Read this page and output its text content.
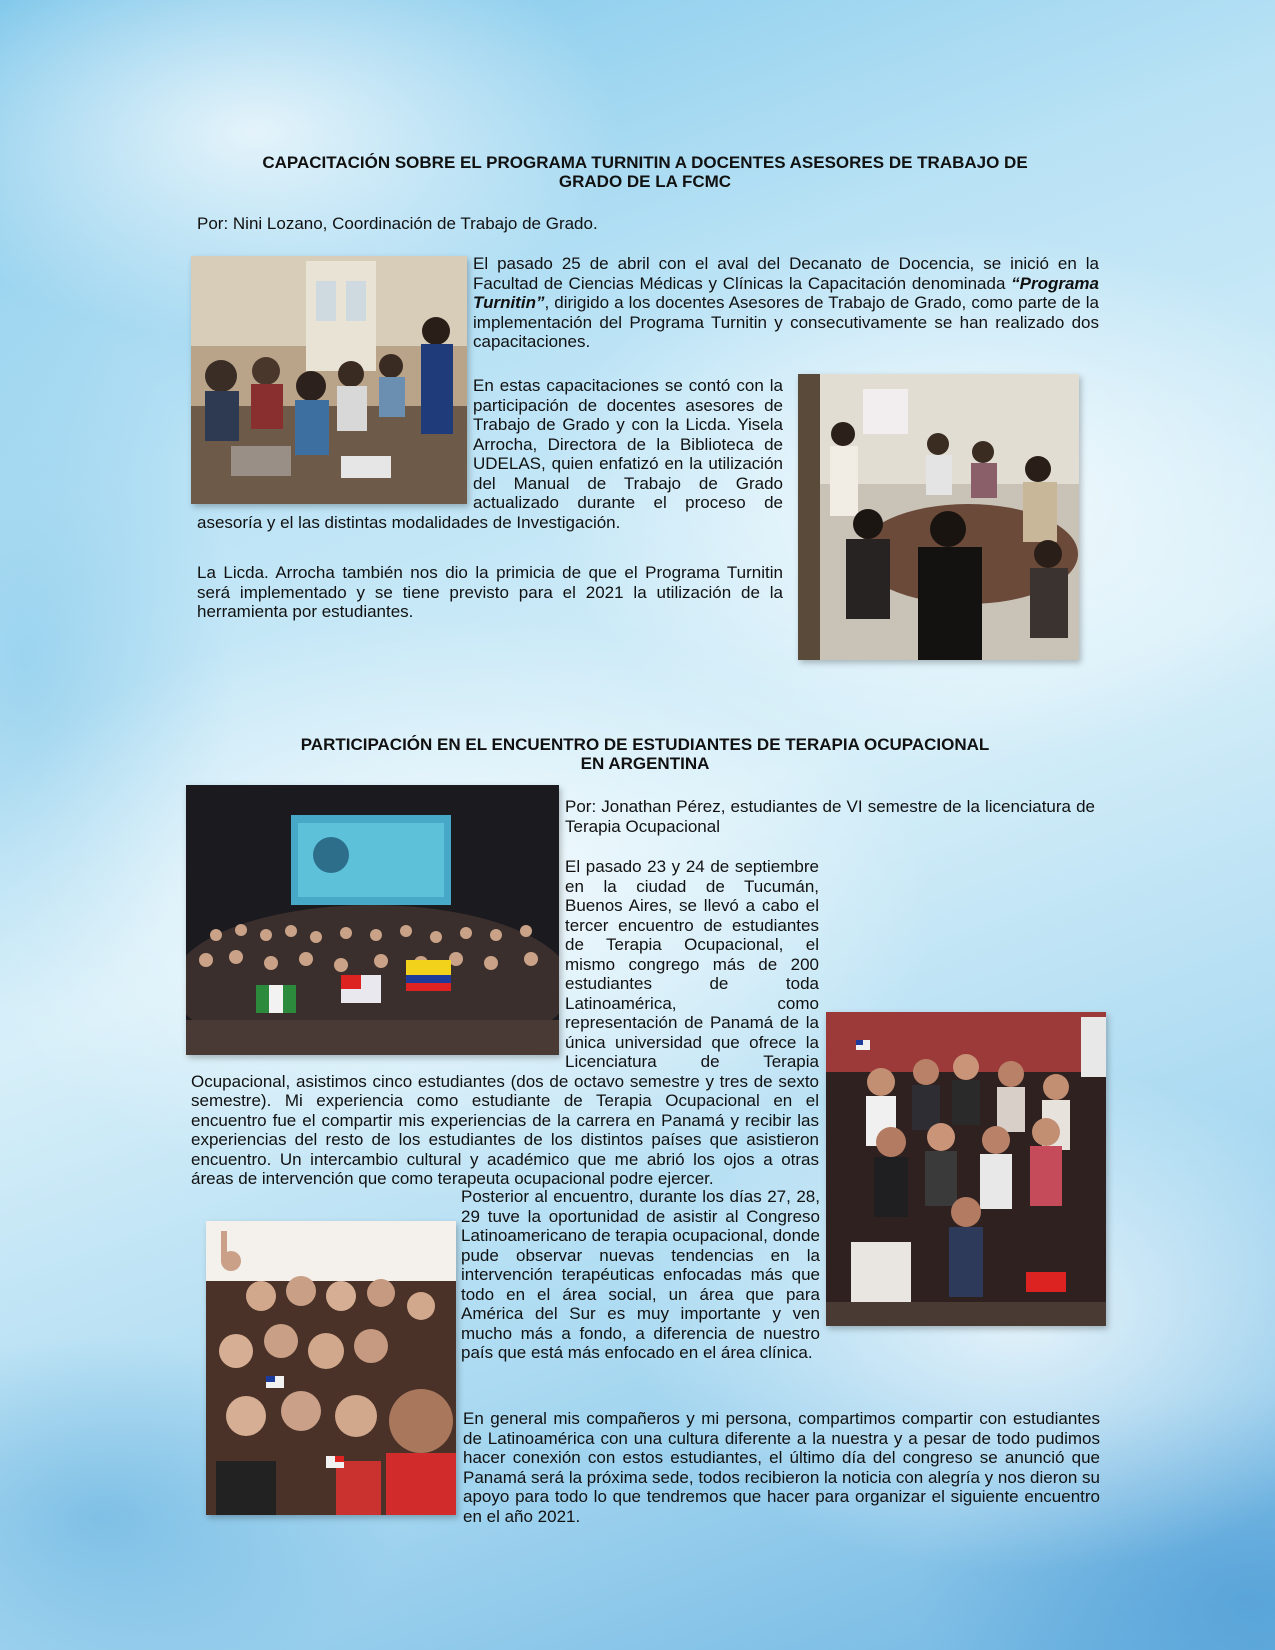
CAPACITACIÓN SOBRE EL PROGRAMA TURNITIN A DOCENTES ASESORES DE TRABAJO DE

GRADO DE LA FCMC

Por: Nini Lozano, Coordinación de Trabajo de Grado.

El pasado 25 de abril con el aval del Decanato de Docencia, se inició en la Facultad de Ciencias Médicas y Clínicas la Capacitación denominada “Programa Turnitin”, dirigido a los docentes Asesores de Trabajo de Grado, como parte de la implementación del Programa Turnitin y consecutivamente se han realizado dos capacitaciones.
En estas capacitaciones se contó con la participación de docentes asesores de Trabajo de Grado y con la Licda. Yisela Arrocha, Directora de la Biblioteca de UDELAS, quien enfatizó en la utilización del Manual de Trabajo de Grado actualizado durante el proceso de asesoría y el las distintas modalidades de Investigación.
La Licda. Arrocha también nos dio la primicia de que el Programa Turnitin será implementado y se tiene previsto para el 2021 la utilización de la herramienta por estudiantes.

PARTICIPACIÓN EN EL ENCUENTRO DE ESTUDIANTES DE TERAPIA OCUPACIONAL

EN ARGENTINA

Por: Jonathan Pérez, estudiantes de VI semestre de la licenciatura de Terapia Ocupacional

El pasado 23 y 24 de septiembre en la ciudad de Tucumán, Buenos Aires, se llevó a cabo el tercer encuentro de estudiantes de Terapia Ocupacional, el mismo congrego más de 200 estudiantes de toda Latinoamérica, como representación de Panamá de la única universidad que ofrece la Licenciatura de Terapia Ocupacional, asistimos cinco estudiantes (dos de octavo semestre y tres de sexto semestre). Mi experiencia como estudiante de Terapia Ocupacional en el encuentro fue el compartir mis experiencias de la carrera en Panamá y recibir las experiencias del resto de los estudiantes de los distintos países que asistieron encuentro. Un intercambio cultural y académico que me abrió los ojos a otras áreas de intervención que como terapeuta ocupacional podre ejercer.
Posterior al encuentro, durante los días 27, 28, 29 tuve la oportunidad de asistir al Congreso Latinoamericano de terapia ocupacional, donde pude observar nuevas tendencias en la intervención terapéuticas enfocadas más que todo en el área social, un área que para América del Sur es muy importante y ven mucho más a fondo, a diferencia de nuestro país que está más enfocado en el área clínica.
En general mis compañeros y mi persona, compartimos compartir con estudiantes de Latinoamérica con una cultura diferente a la nuestra y a pesar de todo pudimos hacer conexión con estos estudiantes, el último día del congreso se anunció que Panamá será la próxima sede, todos recibieron la noticia con alegría y nos dieron su apoyo para todo lo que tendremos que hacer para organizar el siguiente encuentro en el año 2021.
